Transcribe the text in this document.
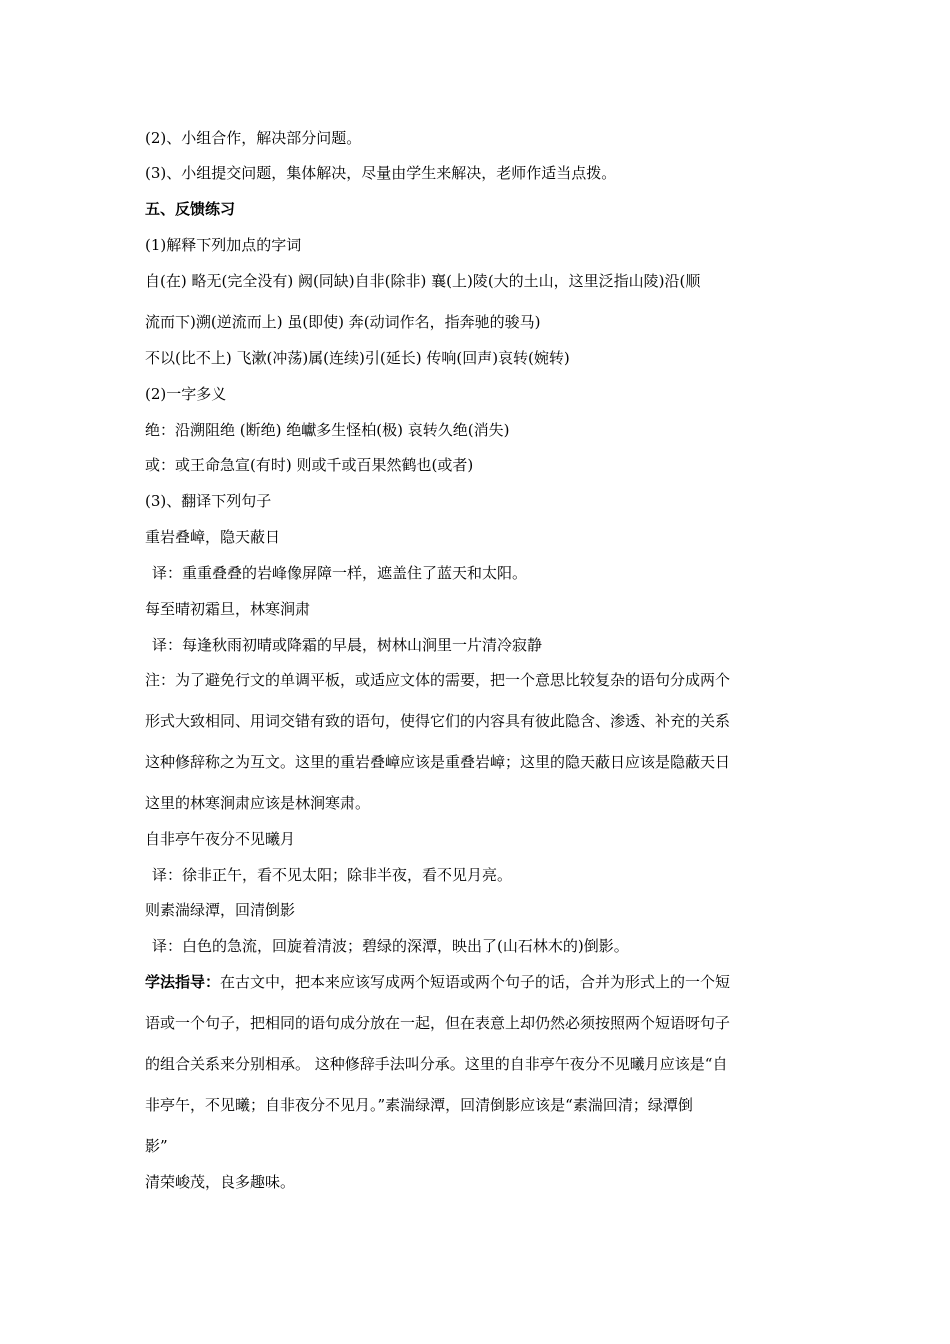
(2)、小组合作，解决部分问题。
(3)、小组提交问题，集体解决，尽量由学生来解决，老师作适当点拨。
五、反馈练习
(1)解释下列加点的字词
自(在) 略无(完全没有) 阙(同缺)自非(除非) 襄(上)陵(大的土山，这里泛指山陵)沿(顺
流而下)溯(逆流而上) 虽(即使) 奔(动词作名，指奔驰的骏马)
不以(比不上) 飞漱(冲荡)属(连续)引(延长) 传响(回声)哀转(婉转)
(2)一字多义
绝：沿溯阻绝 (断绝) 绝巘多生怪柏(极) 哀转久绝(消失)
或：或王命急宣(有时) 则或千或百果然鹤也(或者)
(3)、翻译下列句子
重岩叠嶂，隐天蔽日
译：重重叠叠的岩峰像屏障一样，遮盖住了蓝天和太阳。
每至晴初霜旦，林寒涧肃
译：每逢秋雨初晴或降霜的早晨，树林山涧里一片清冷寂静
注：为了避免行文的单调平板，或适应文体的需要，把一个意思比较复杂的语句分成两个
形式大致相同、用词交错有致的语句，使得它们的内容具有彼此隐含、渗透、补充的关系
这种修辞称之为互文。这里的重岩叠嶂应该是重叠岩嶂；这里的隐天蔽日应该是隐蔽天日
这里的林寒涧肃应该是林涧寒肃。
自非亭午夜分不见曦月
译：徐非正午，看不见太阳；除非半夜，看不见月亮。
则素湍绿潭，回清倒影
译：白色的急流，回旋着清波；碧绿的深潭，映出了(山石林木的)倒影。
学法指导：在古文中，把本来应该写成两个短语或两个句子的话，合并为形式上的一个短
语或一个句子，把相同的语句成分放在一起，但在表意上却仍然必须按照两个短语呀句子
的组合关系来分别相承。 这种修辞手法叫分承。这里的自非亭午夜分不见曦月应该是“自
非亭午，不见曦；自非夜分不见月。”素湍绿潭，回清倒影应该是“素湍回清；绿潭倒
影”
清荣峻茂，良多趣味。
